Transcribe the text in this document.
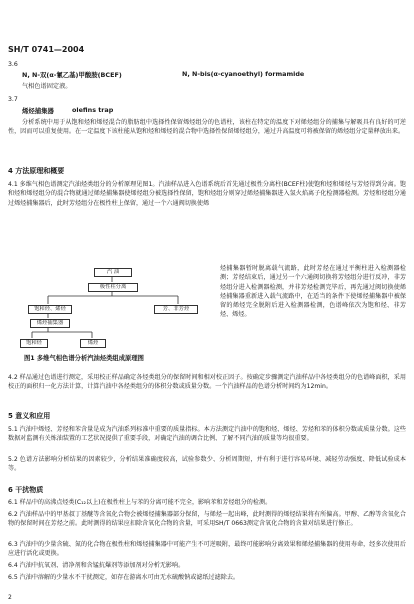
SH/T 0741—2004
3.6
N, N-双(α-氰乙基)甲酸胺(BCEF)	N, N-bis(α-cyanoethyl) formamide
气相色谱固定液。
3.7
烯烃捕集器	olefins trap
分析系统中用于从饱和烃和烯烃混合的脂肪组中选择性保留烯烃组分的色谱柱，该柱在特定的温度下对烯烃组分的捕集与解吸具有良好的可逆性，因而可以重复使用。在一定温度下该柱能从饱和烃和烯烃的混合物中选择性保留烯烃组分，通过升高温度可将被保留的烯烃组分定量释放出来。
4 方法原理和概要
4.1 多维气相色谱测定汽油烃类组分的分析原理见图1。汽油样品进入色谱系统后首先通过极性分离柱(BCEF柱)使饱和烃和烯烃与芳烃得到分离。饱和烃和烯烃组分的混合物就通过烯烃捕集器使烯烃组分被选择性保留，饱和烃组分则穿过烯烃捕集器进入氢火焰离子化检测器检测。芳烃和烃组分通过烯烃捕集器后，此时芳烃组分在极性柱上保留，通过一个六通阀切换使烯
汽 油
极性柱分离
饱和烃、烯烃	芳、非芳烃
烯烃捕集器
饱和烃	烯烃
烃捕集器暂时脱离载气流路，此时芳烃在通过平衡柱进入检测器检测；芳烃结束后，通过另一个六通阀切换将芳烃组分进行反冲，非芳烃组分进入检测器检测，并非芳烃检测完毕后，再先通过阀切换使烯烃捕集器重新进入载气流路中，在适当的条件下使烯烃捕集器中被保留的烯烃完全脱附后进入检测器检测，色谱峰依次为饱和烃、非芳烃、烯烃。
图1 多维气相色谱分析汽油烃类组成原理图
4.2 样品通过色谱进行测定，采用校正样品确定各烃类组分的保留时间和相对校正因子。按确定步骤测定汽油样品中各烃类组分的色谱峰面积，采用校正的面积归一化方法计算，计算汽油中各烃类组分的体积分数或质量分数。一个汽油样品的色谱分析时间约为12min。
5 意义和应用
5.1 汽油中烯烃、芳烃和苯含量是成为汽油系列标准中重要的质量指标。本方法测定汽油中的饱和烃、烯烃、芳烃和苯的体积分数或质量分数。这些数据对监测有关炼油装置的工艺状况提供了重要手段，对确定汽油的调合比例、了解不同汽油的质量等均很重要。
5.2 色谱方法影响分析结果的因素较少，分析结果准确度较高，试验参数少、分析周期短，并有利于进行容易环境、减轻劳动强度、降低试验成本等。
6 干扰物质
6.1 样品中的高沸点烃类(C₁₂以上)在极性柱上与苯的分离可能不完全，影响苯和芳烃组分的检测。
6.2 汽油样品中的甲基叔丁基醚等含氧化合物会被烯烃捕集器部分保留，与烯烃一起出峰，此时测得的烯烃结果将有所偏高。甲醇、乙醇等含氧化合物的保留时间在芳烃之前。此时测得的结果应扣除含氧化合物的含量，可采用SH/T 0663测定含氧化合物的含量对结果进行修正。
6.3 汽油中的少量含硫、氮的化合物在极性柱和烯烃捕集器中可能产生不可逆吸附，最终可能影响分离效果和烯烃捕集器的使用寿命，经多次使用后应进行活化或更换。
6.4 汽油中抗氧剂、清净剂和含锰抗爆剂等添加剂对分析无影响。
6.5 汽油中溶解的少量水不干扰测定，如存在游离水可由无水硫酸钠或滤纸过滤除去。
2
